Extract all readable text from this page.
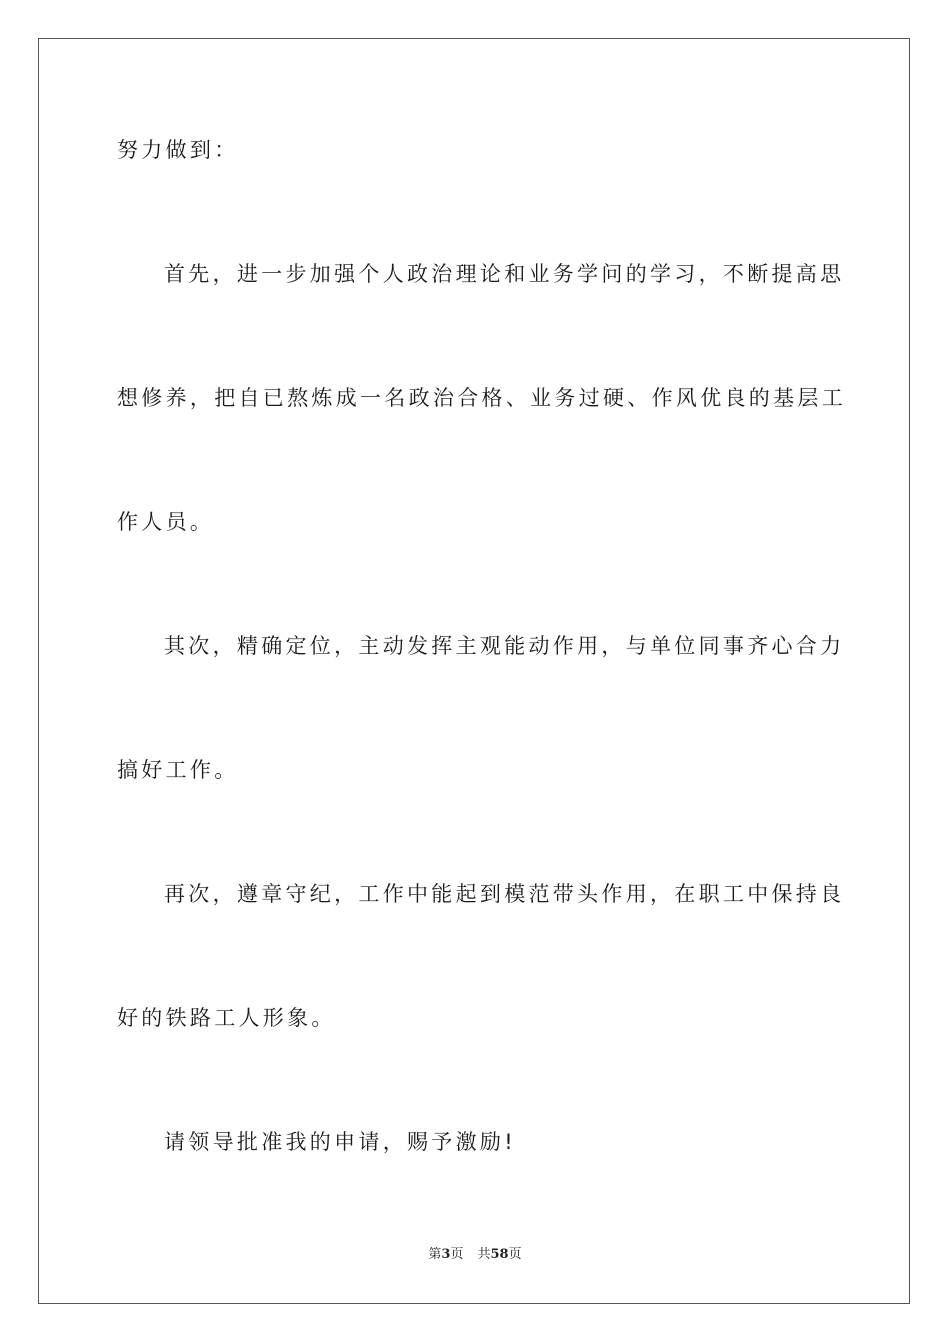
努力做到：
首先，进一步加强个人政治理论和业务学问的学习，不断提高思
想修养，把自已熬炼成一名政治合格、业务过硬、作风优良的基层工
作人员。
其次，精确定位，主动发挥主观能动作用，与单位同事齐心合力
搞好工作。
再次，遵章守纪，工作中能起到模范带头作用，在职工中保持良
好的铁路工人形象。
请领导批准我的申请，赐予激励!
第3页 共58页
